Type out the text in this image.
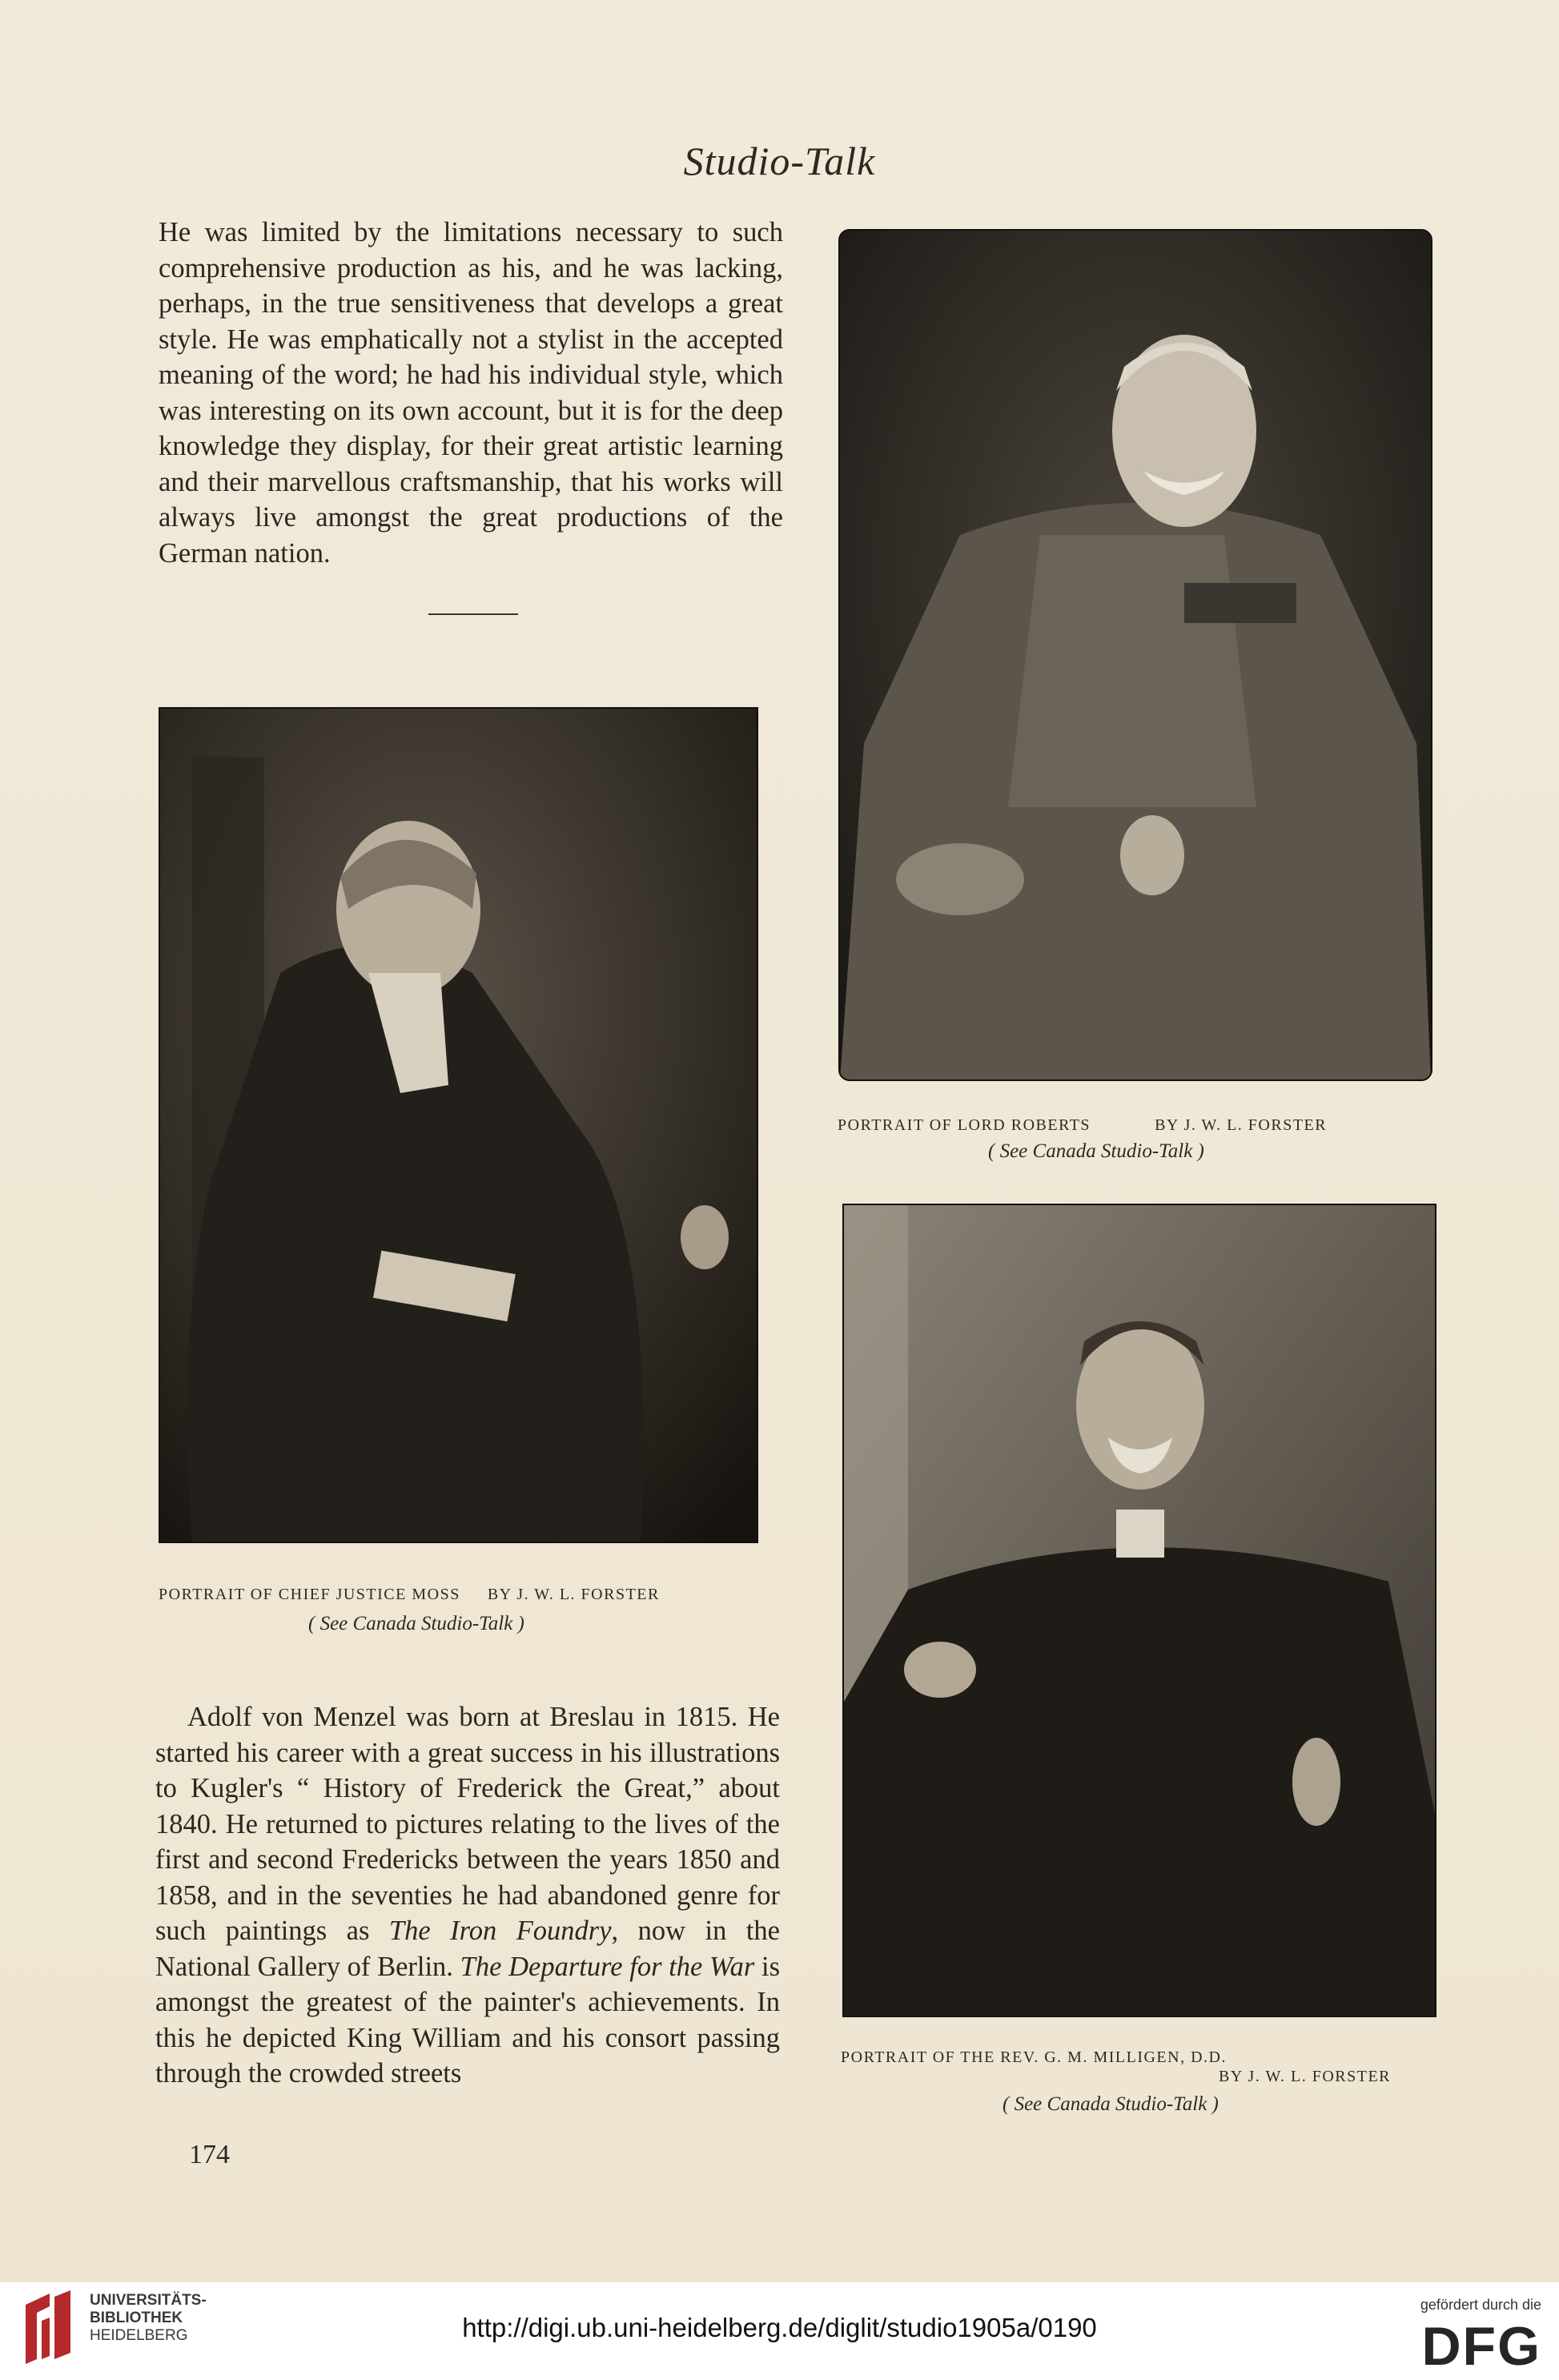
Studio-Talk

He was limited by the limitations necessary to such comprehensive production as his, and he was lacking, perhaps, in the true sensitiveness that develops a great style. He was emphatically not a stylist in the accepted meaning of the word; he had his individual style, which was interesting on its own account, but it is for the deep knowledge they display, for their great artistic learning and their marvellous craftsmanship, that his works will always live amongst the great productions of the German nation.

PORTRAIT OF CHIEF JUSTICE MOSS BY J. W. L. FORSTER
( See Canada Studio-Talk )
PORTRAIT OF LORD ROBERTS	BY J. W. L. FORSTER
( See Canada Studio-Talk )
PORTRAIT OF THE REV. G. M. MILLIGEN, D.D.
BY J. W. L. FORSTER
( See Canada Studio-Talk )

Adolf von Menzel was born at Breslau in 1815. He started his career with a great success in his illustrations to Kugler's “ History of Frederick the Great,” about 1840. He returned to pictures relating to the lives of the first and second Fredericks between the years 1850 and 1858, and in the seventies he had abandoned genre for such paintings as The Iron Foundry, now in the National Gallery of Berlin. The Departure for the War is amongst the greatest of the painter's achievements. In this he depicted King William and his consort passing through the crowded streets

174
UNIVERSITÄTS-
BIBLIOTHEK
HEIDELBERG	http://digi.ub.uni-heidelberg.de/diglit/studio1905a/0190
gefördert durch die
DFG
